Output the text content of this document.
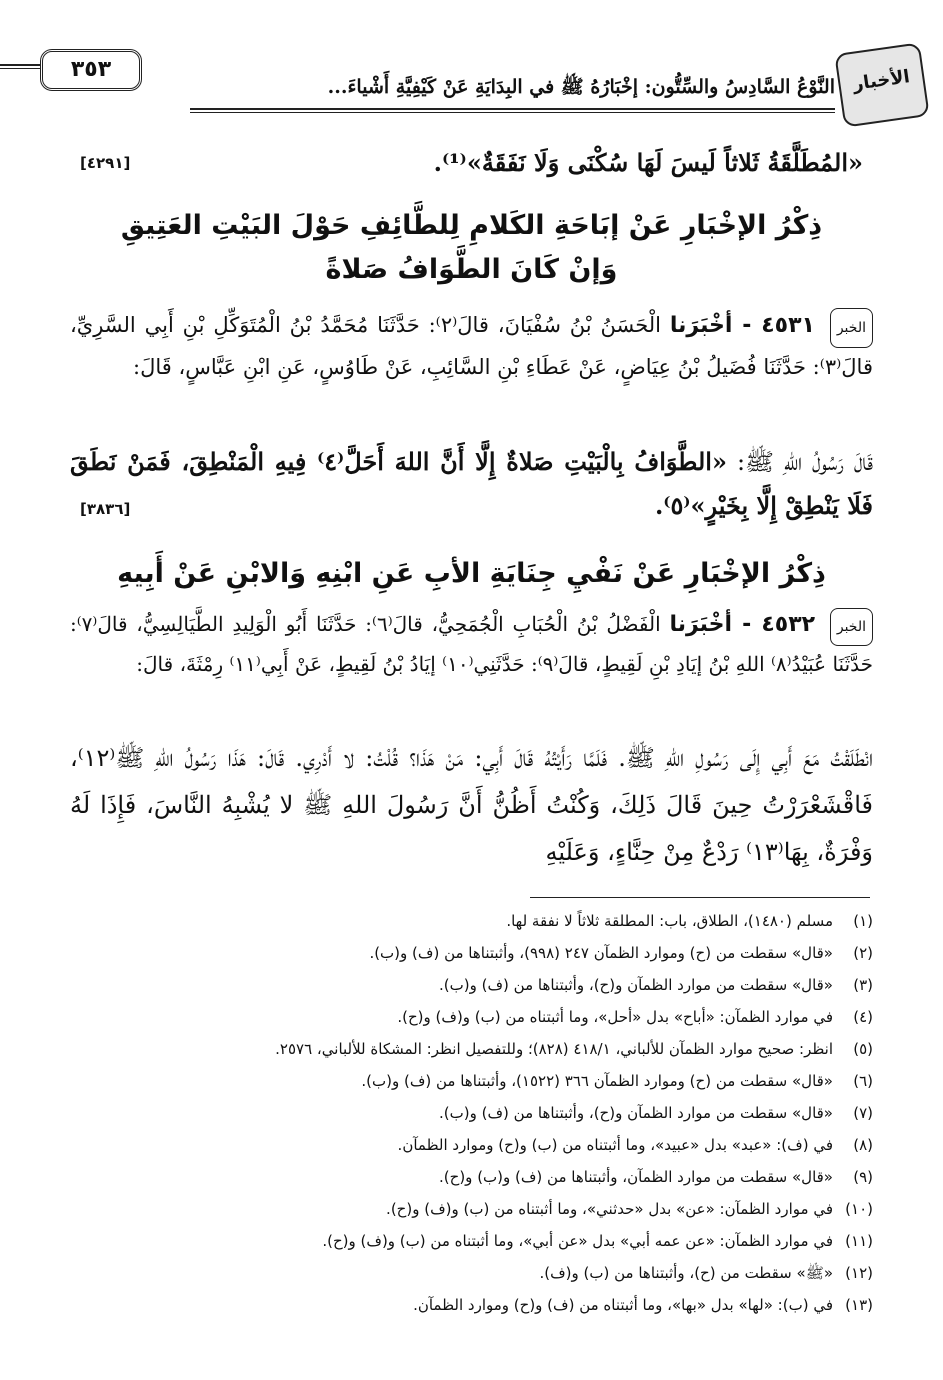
الأخبار
النَّوْعُ السَّادِسُ والسِّتُّون: إخْبَارُهُ ﷺ في البِدَايَةِ عَنْ كَيْفِيَّةِ أَشْياءَ...
٣٥٣
«المُطَلَّقَةُ ثَلاثاً لَيسَ لَهَا سُكْنَى وَلَا نَفَقَةٌ»⁽¹⁾.
[٤٢٩١]
ذِكْرُ الإخْبَارِ عَنْ إبَاحَةِ الكَلامِ لِلطَّائِفِ حَوْلَ البَيْتِ العَتِيقِ
وَإنْ كَانَ الطَّوَافُ صَلاةً
الخبر ٤٥٣١ - أخْبَرَنا الْحَسَنُ بْنُ سُفْيَانَ، قالَ⁽٢⁾: حَدَّثَنَا مُحَمَّدُ بْنُ الْمُتَوَكِّلِ بْنِ أَبِي السَّرِيِّ، قالَ⁽٣⁾: حَدَّثَنَا فُضَيلُ بْنُ عِيَاضٍ، عَنْ عَطَاءِ بْنِ السَّائِبِ، عَنْ طَاوُسٍ، عَنِ ابْنِ عَبَّاسٍ، قَالَ:
قَالَ رَسُولُ اللهِ ﷺ: «الطَّوَافُ بِالْبَيْتِ صَلاةٌ إِلَّا أَنَّ اللهَ أَحَلَّ⁽٤⁾ فِيهِ الْمَنْطِقَ، فَمَنْ نَطَقَ فَلَا يَنْطِقْ إِلَّا بِخَيْرٍ»⁽٥⁾.
[٣٨٣٦]
ذِكْرُ الإخْبَارِ عَنْ نَفْيِ جِنَايَةِ الأبِ عَنِ ابْنِهِ وَالابْنِ عَنْ أَبِيهِ
الخبر ٤٥٣٢ - أخْبَرَنا الْفَضْلُ بْنُ الْحُبَابِ الْجُمَحِيُّ، قالَ⁽٦⁾: حَدَّثَنَا أَبُو الْوَلِيدِ الطَّيَالِسِيُّ، قالَ⁽٧⁾: حَدَّثَنَا عُبَيْدُ⁽٨⁾ اللهِ بْنُ إيَادِ بْنِ لَقِيطٍ، قالَ⁽٩⁾: حَدَّثَنِي⁽١٠⁾ إيَادُ بْنُ لَقِيطٍ، عَنْ أَبِي⁽١١⁾ رِمْثَةَ، قالَ:
انْطَلَقْتُ مَعَ أَبِي إِلَى رَسُولِ اللهِ ﷺ. فَلَمَّا رَأَيْتُهُ قَالَ أَبِي: مَنْ هَذَا؟ قُلْتُ: لا أَدْرِي. قَالَ: هَذَا رَسُولُ اللهِ ﷺ⁽١٢⁾، فَاقْشَعْرَرْتُ حِينَ قَالَ ذَلِكَ، وَكُنْتُ أَظُنُّ أَنَّ رَسُولَ اللهِ ﷺ لا يُشْبِهُ النَّاسَ، فَإِذَا لَهُ وَفْرَةٌ، بِهَا⁽١٣⁾ رَدْعٌ مِنْ حِنَّاءٍ، وَعَلَيْهِ
(١)مسلم (١٤٨٠)، الطلاق، باب: المطلقة ثلاثاً لا نفقة لها.
(٢)«قال» سقطت من (ح) وموارد الظمآن ٢٤٧ (٩٩٨)، وأثبتناها من (ف) و(ب).
(٣)«قال» سقطت من موارد الظمآن و(ح)، وأثبتناها من (ف) و(ب).
(٤)في موارد الظمآن: «أباح» بدل «أحل»، وما أثبتناه من (ب) و(ف) و(ح).
(٥)انظر: صحيح موارد الظمآن للألباني، ٤١٨/١ (٨٢٨)؛ وللتفصيل انظر: المشكاة للألباني، ٢٥٧٦.
(٦)«قال» سقطت من (ح) وموارد الظمآن ٣٦٦ (١٥٢٢)، وأثبتناها من (ف) و(ب).
(٧)«قال» سقطت من موارد الظمآن و(ح)، وأثبتناها من (ف) و(ب).
(٨)في (ف): «عبد» بدل «عبيد»، وما أثبتناه من (ب) و(ح) وموارد الظمآن.
(٩)«قال» سقطت من موارد الظمآن، وأثبتناها من (ف) و(ب) و(ح).
(١٠)في موارد الظمآن: «عن» بدل «حدثني»، وما أثبتناه من (ب) و(ف) و(ح).
(١١)في موارد الظمآن: «عن عمه أبي» بدل «عن أبي»، وما أثبتناه من (ب) و(ف) و(ح).
(١٢)«ﷺ» سقطت من (ح)، وأثبتناها من (ب) و(ف).
(١٣)في (ب): «لها» بدل «بها»، وما أثبتناه من (ف) و(ح) وموارد الظمآن.
